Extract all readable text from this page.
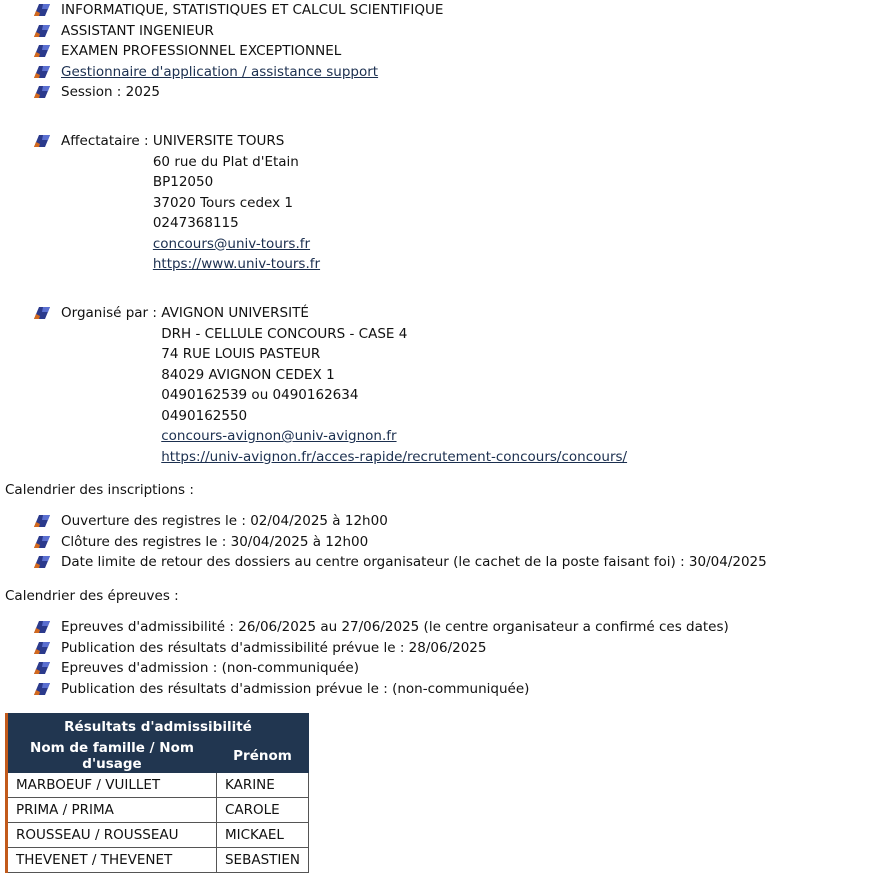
INFORMATIQUE, STATISTIQUES ET CALCUL SCIENTIFIQUE
ASSISTANT INGENIEUR
EXAMEN PROFESSIONNEL EXCEPTIONNEL
Gestionnaire d'application / assistance support
Session : 2025
Affectataire : UNIVERSITE TOURS
60 rue du Plat d'Etain
BP12050
37020 Tours cedex 1
0247368115
concours@univ-tours.fr
https://www.univ-tours.fr
Organisé par : AVIGNON UNIVERSITÉ
DRH - CELLULE CONCOURS - CASE 4
74 RUE LOUIS PASTEUR
84029 AVIGNON CEDEX 1
0490162539 ou 0490162634
0490162550
concours-avignon@univ-avignon.fr
https://univ-avignon.fr/acces-rapide/recrutement-concours/concours/
Calendrier des inscriptions :
Ouverture des registres le : 02/04/2025 à 12h00
Clôture des registres le : 30/04/2025 à 12h00
Date limite de retour des dossiers au centre organisateur (le cachet de la poste faisant foi) : 30/04/2025
Calendrier des épreuves :
Epreuves d'admissibilité : 26/06/2025 au 27/06/2025 (le centre organisateur a confirmé ces dates)
Publication des résultats d'admissibilité prévue le : 28/06/2025
Epreuves d'admission : (non-communiquée)
Publication des résultats d'admission prévue le : (non-communiquée)
Résultats d'admissibilité	
Nom de famille / Nom d'usage	Prénom
MARBOEUF / VUILLET	KARINE
PRIMA / PRIMA	CAROLE
ROUSSEAU / ROUSSEAU	MICKAEL
THEVENET / THEVENET	SEBASTIEN
